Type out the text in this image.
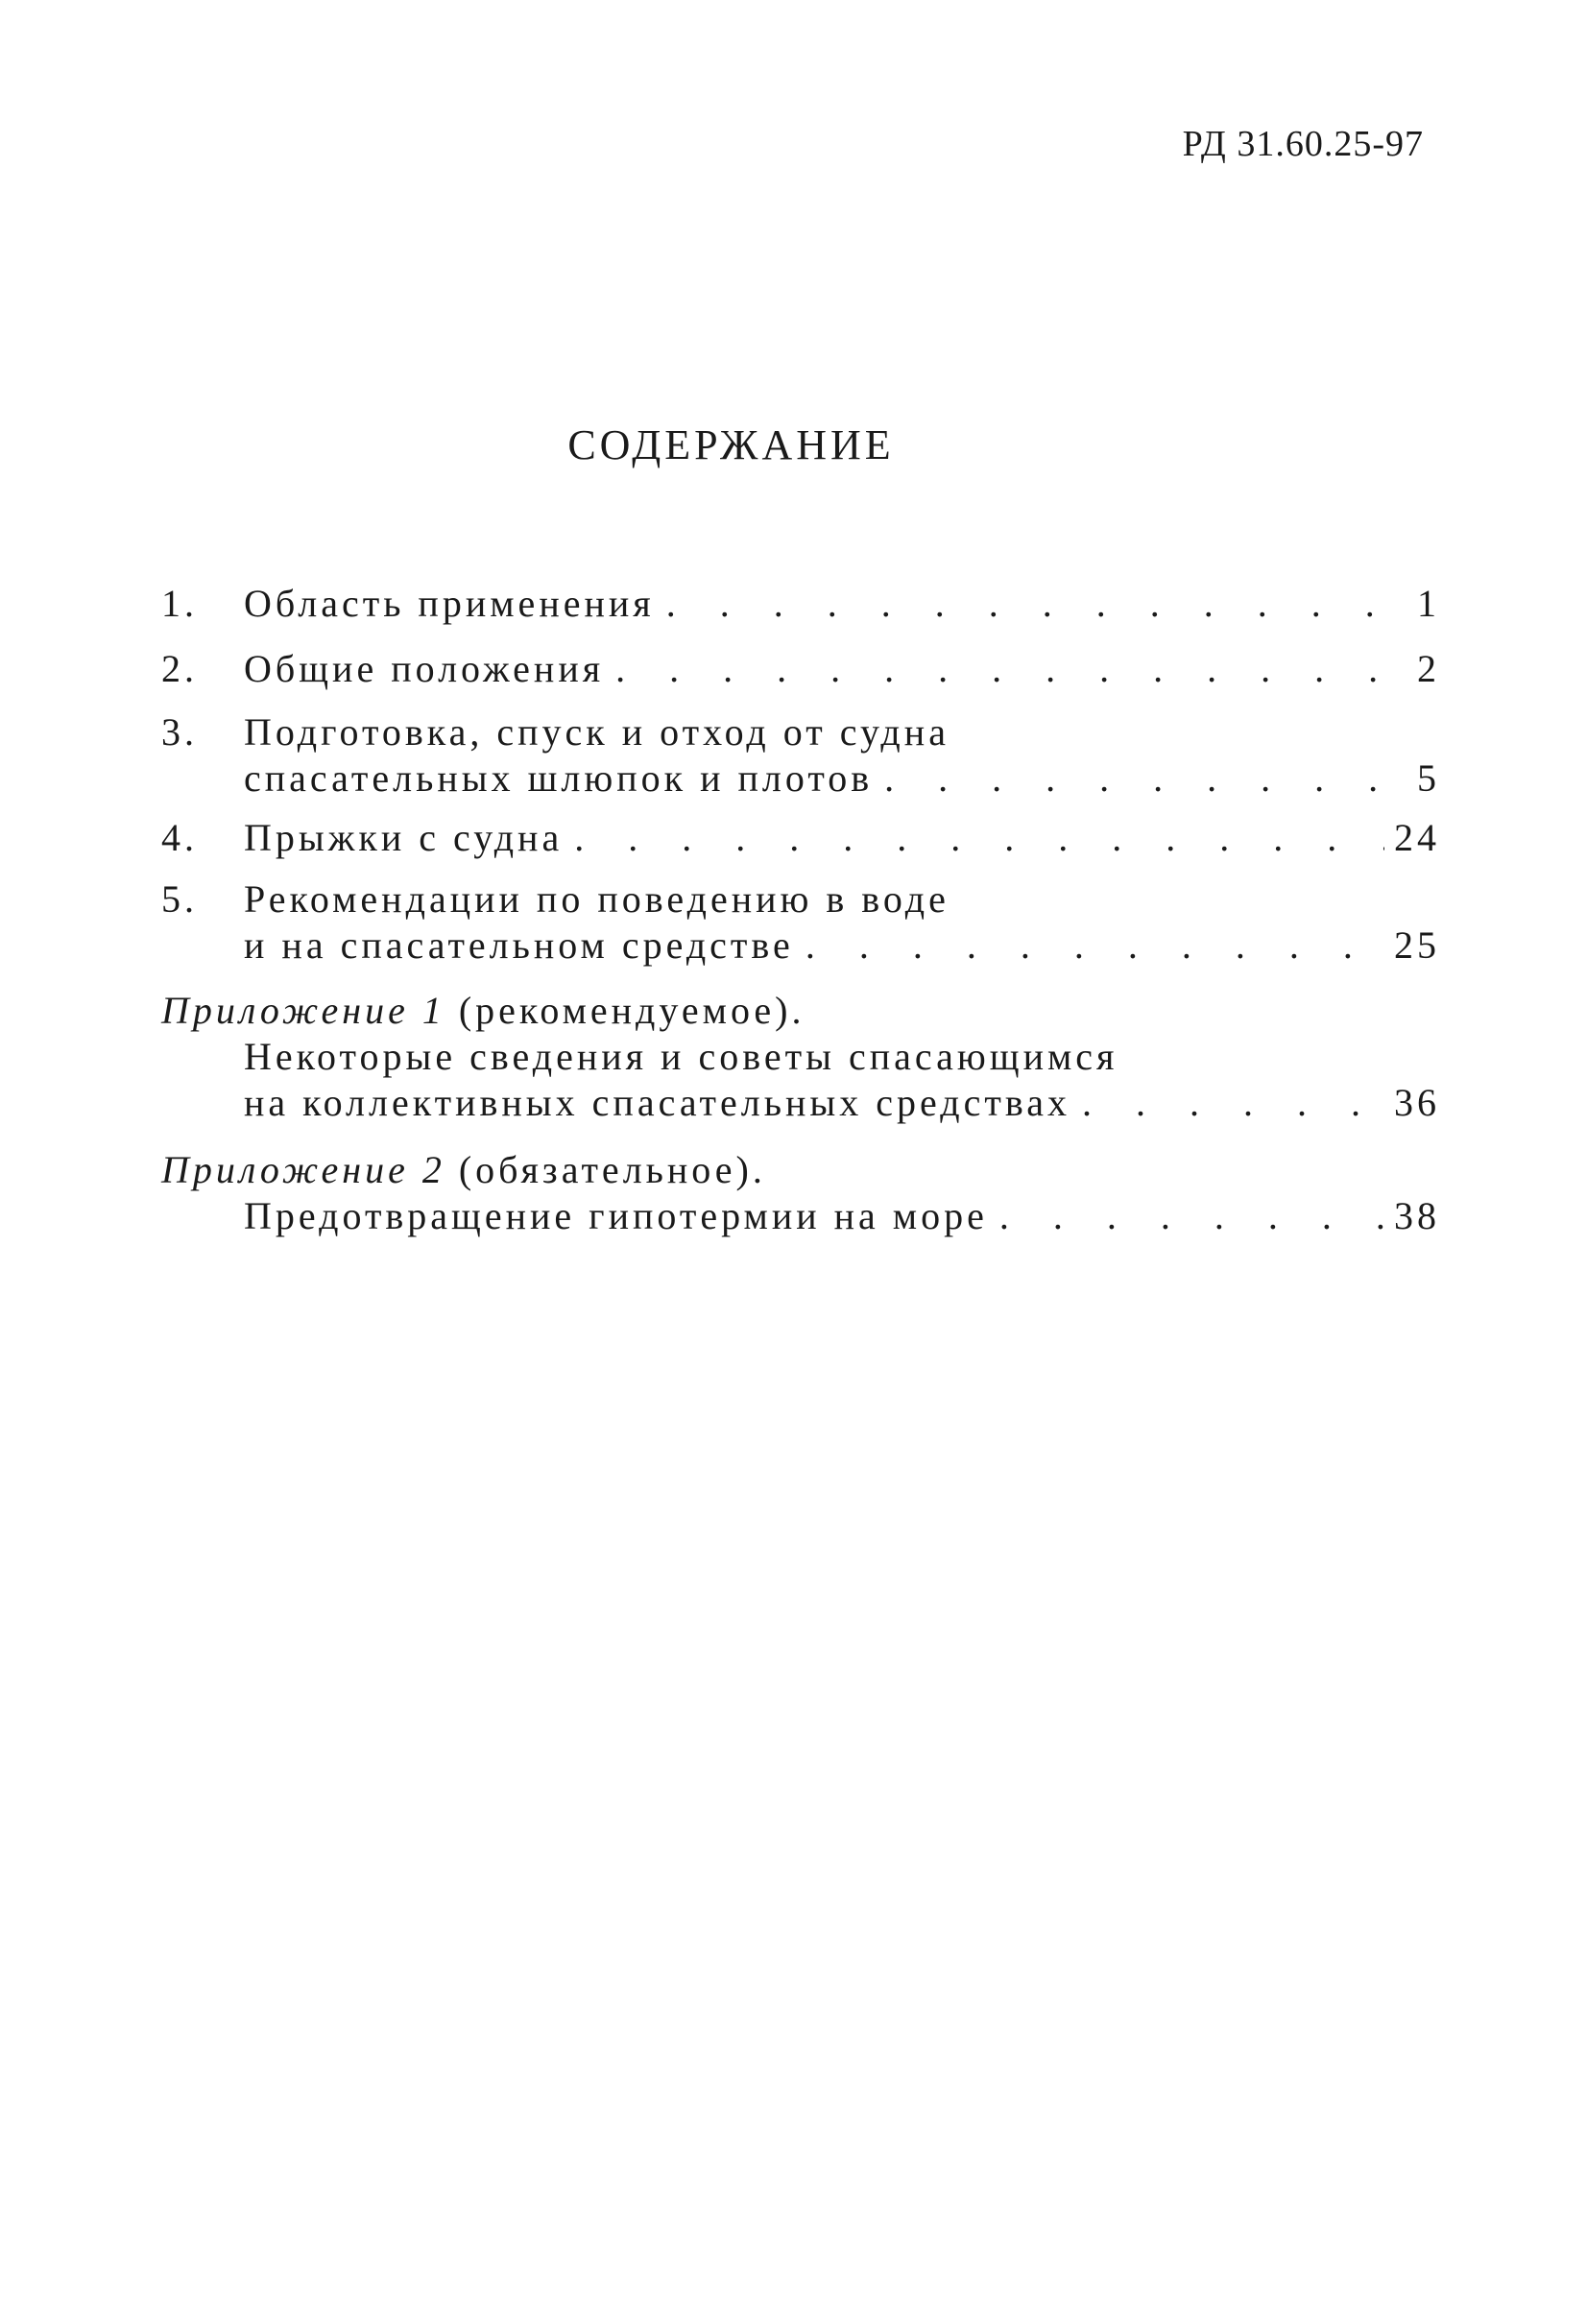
РД 31.60.25-97
СОДЕРЖАНИЕ
1.	Область применения . . .	1
2.	Общие положения . . .	2
3.	Подготовка, спуск и отход от судна
спасательных шлюпок и плотов . . .	5
4.	Прыжки с судна . . .	24
5.	Рекомендации по поведению в воде
и на спасательном средстве . . .	25
Приложение 1 (рекомендуемое).
Некоторые сведения и советы спасающимся
на коллективных спасательных средствах . . .	36
Приложение 2 (обязательное).
Предотвращение гипотермии на море . . .	38
